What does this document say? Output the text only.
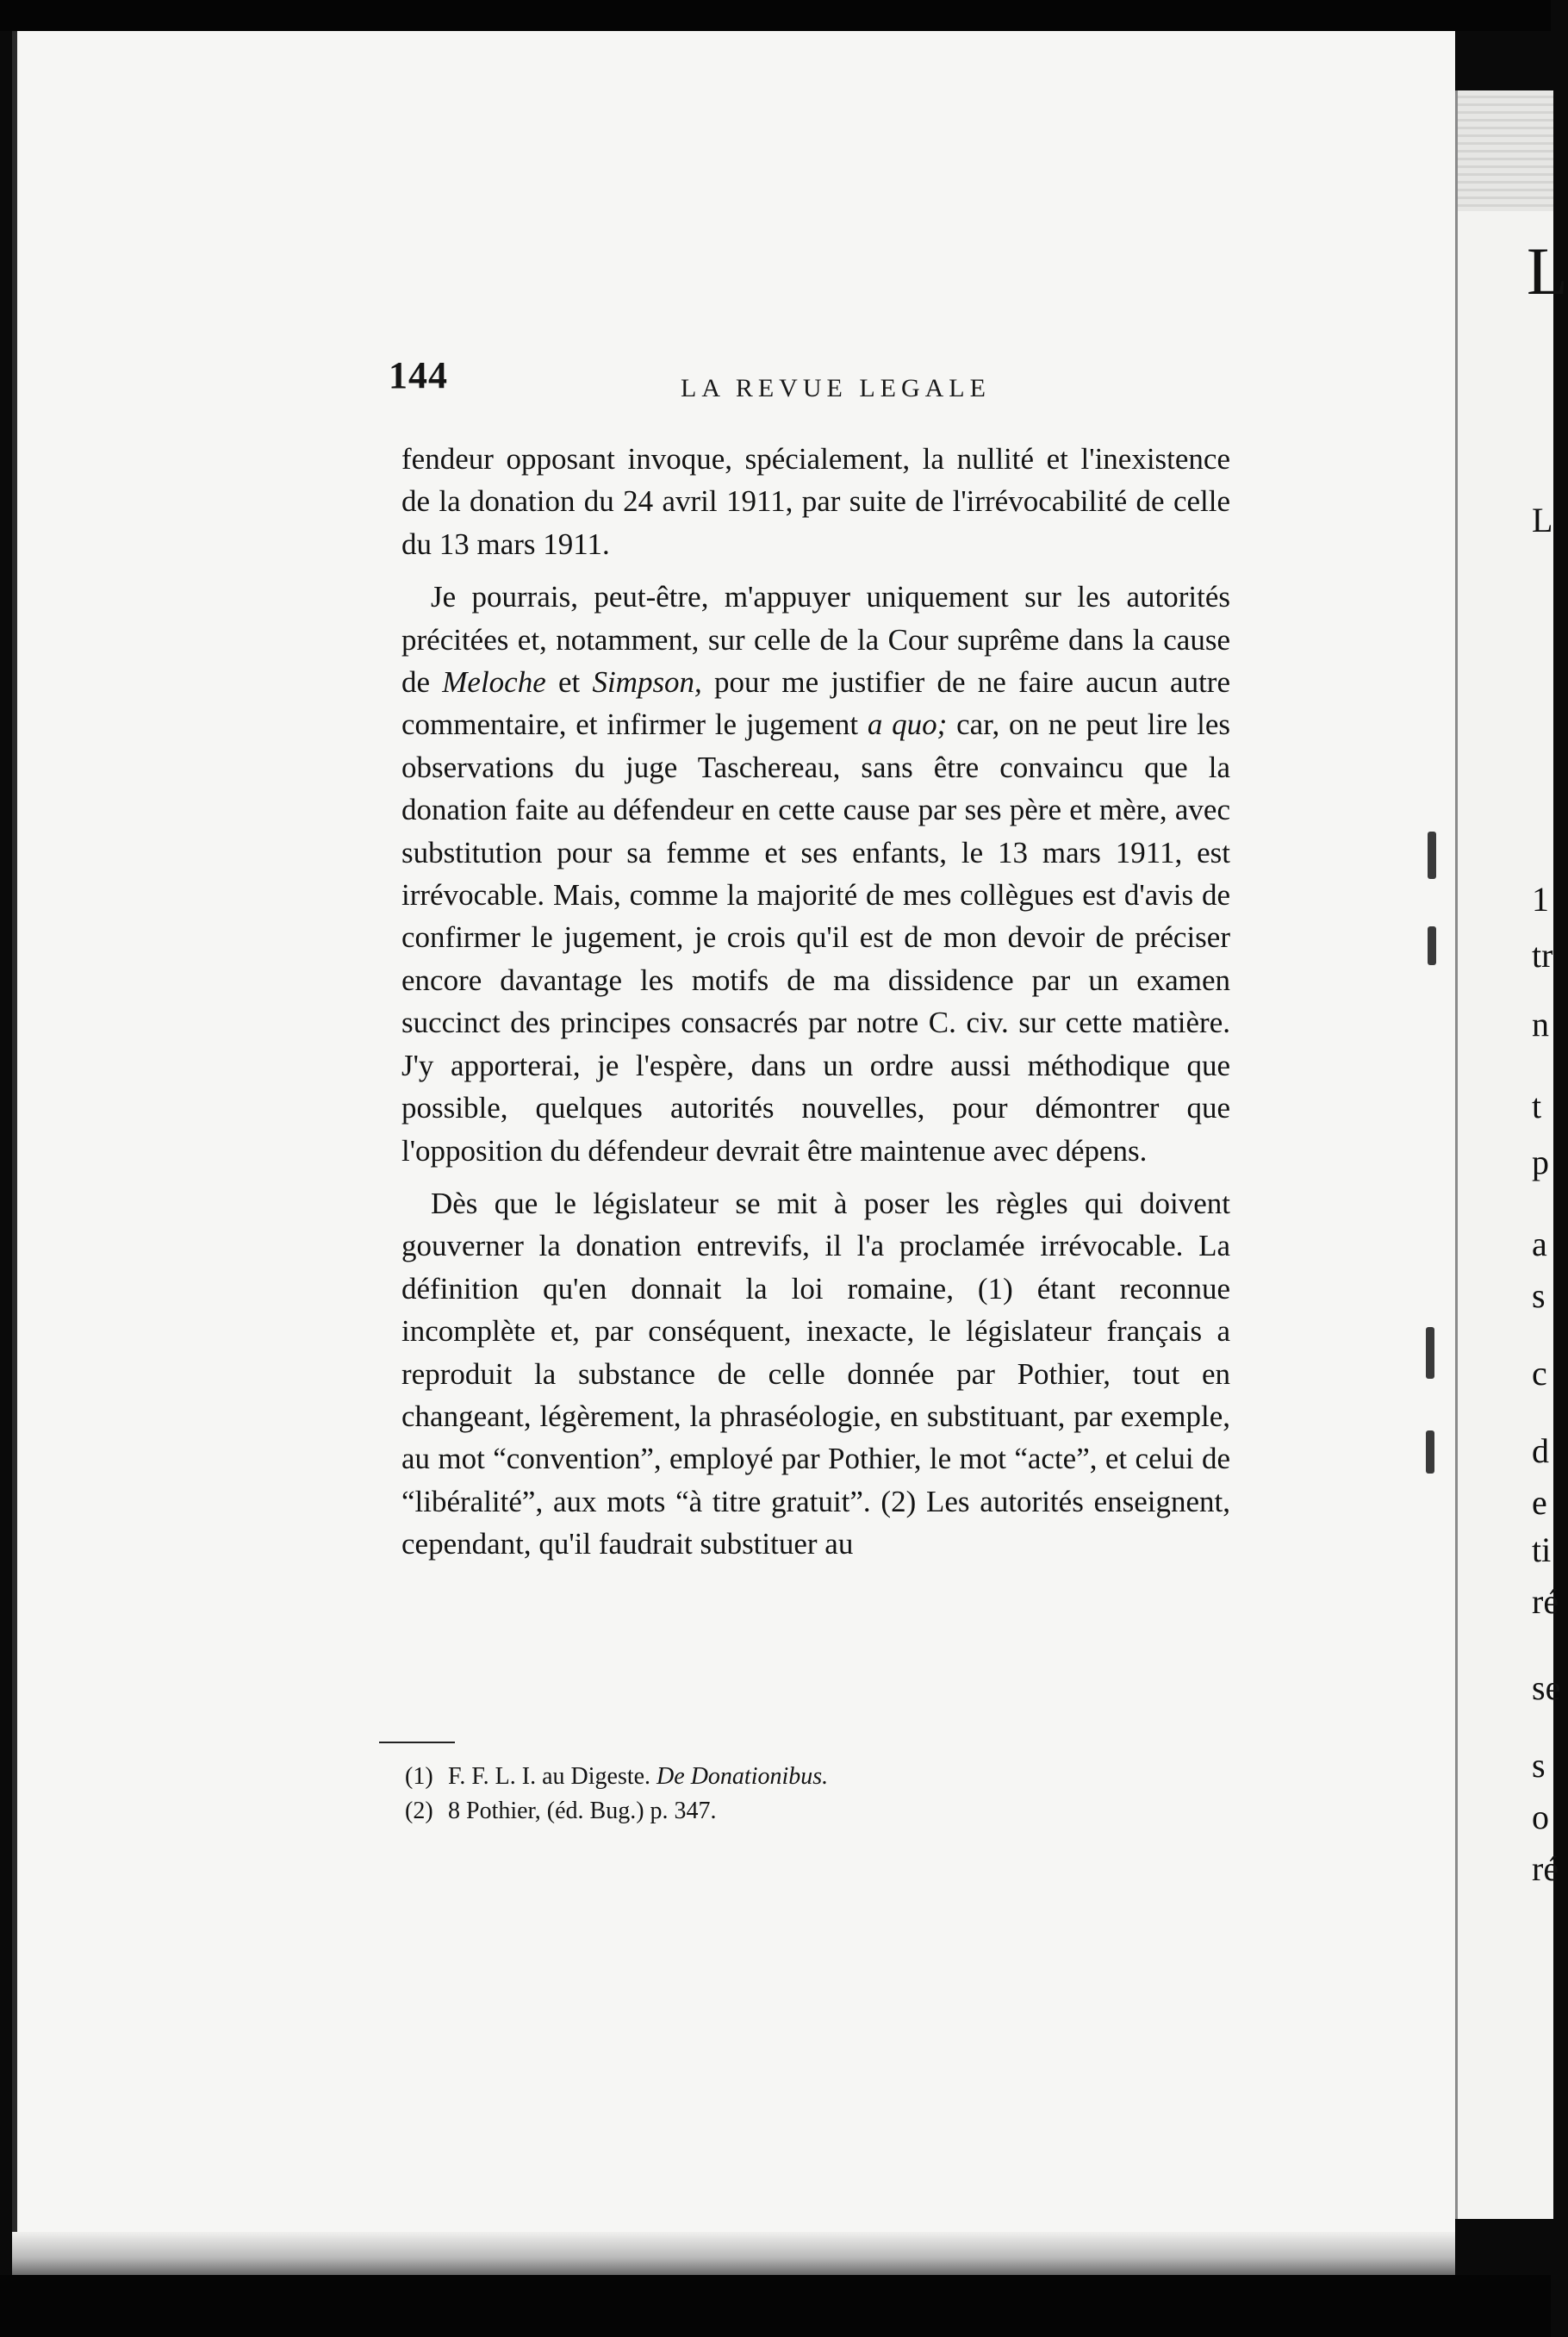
L
L
1
tr
n
t
p
a
s
c
d
e
ti
ré
se
s
o
ré
144	LA REVUE LEGALE

fendeur opposant invoque, spécialement, la nullité et l'inexistence de la donation du 24 avril 1911, par suite de l'irrévocabilité de celle du 13 mars 1911.

Je pourrais, peut-être, m'appuyer uniquement sur les autorités précitées et, notamment, sur celle de la Cour suprême dans la cause de Meloche et Simpson, pour me justifier de ne faire aucun autre commentaire, et infirmer le jugement a quo; car, on ne peut lire les observations du juge Taschereau, sans être convaincu que la donation faite au défendeur en cette cause par ses père et mère, avec substitution pour sa femme et ses enfants, le 13 mars 1911, est irrévocable. Mais, comme la majorité de mes collègues est d'avis de confirmer le jugement, je crois qu'il est de mon devoir de préciser encore davantage les motifs de ma dissidence par un examen succinct des principes consacrés par notre C. civ. sur cette matière. J'y apporterai, je l'espère, dans un ordre aussi méthodique que possible, quelques autorités nouvelles, pour démontrer que l'opposition du défendeur devrait être maintenue avec dépens.

Dès que le législateur se mit à poser les règles qui doivent gouverner la donation entrevifs, il l'a proclamée irrévocable. La définition qu'en donnait la loi romaine, (1) étant reconnue incomplète et, par conséquent, inexacte, le législateur français a reproduit la substance de celle donnée par Pothier, tout en changeant, légèrement, la phraséologie, en substituant, par exemple, au mot “convention”, employé par Pothier, le mot “acte”, et celui de “libéralité”, aux mots “à titre gratuit”. (2) Les autorités enseignent, cependant, qu'il faudrait substituer au

(1) F. F. L. I. au Digeste. De Donationibus.
(2) 8 Pothier, (éd. Bug.) p. 347.
